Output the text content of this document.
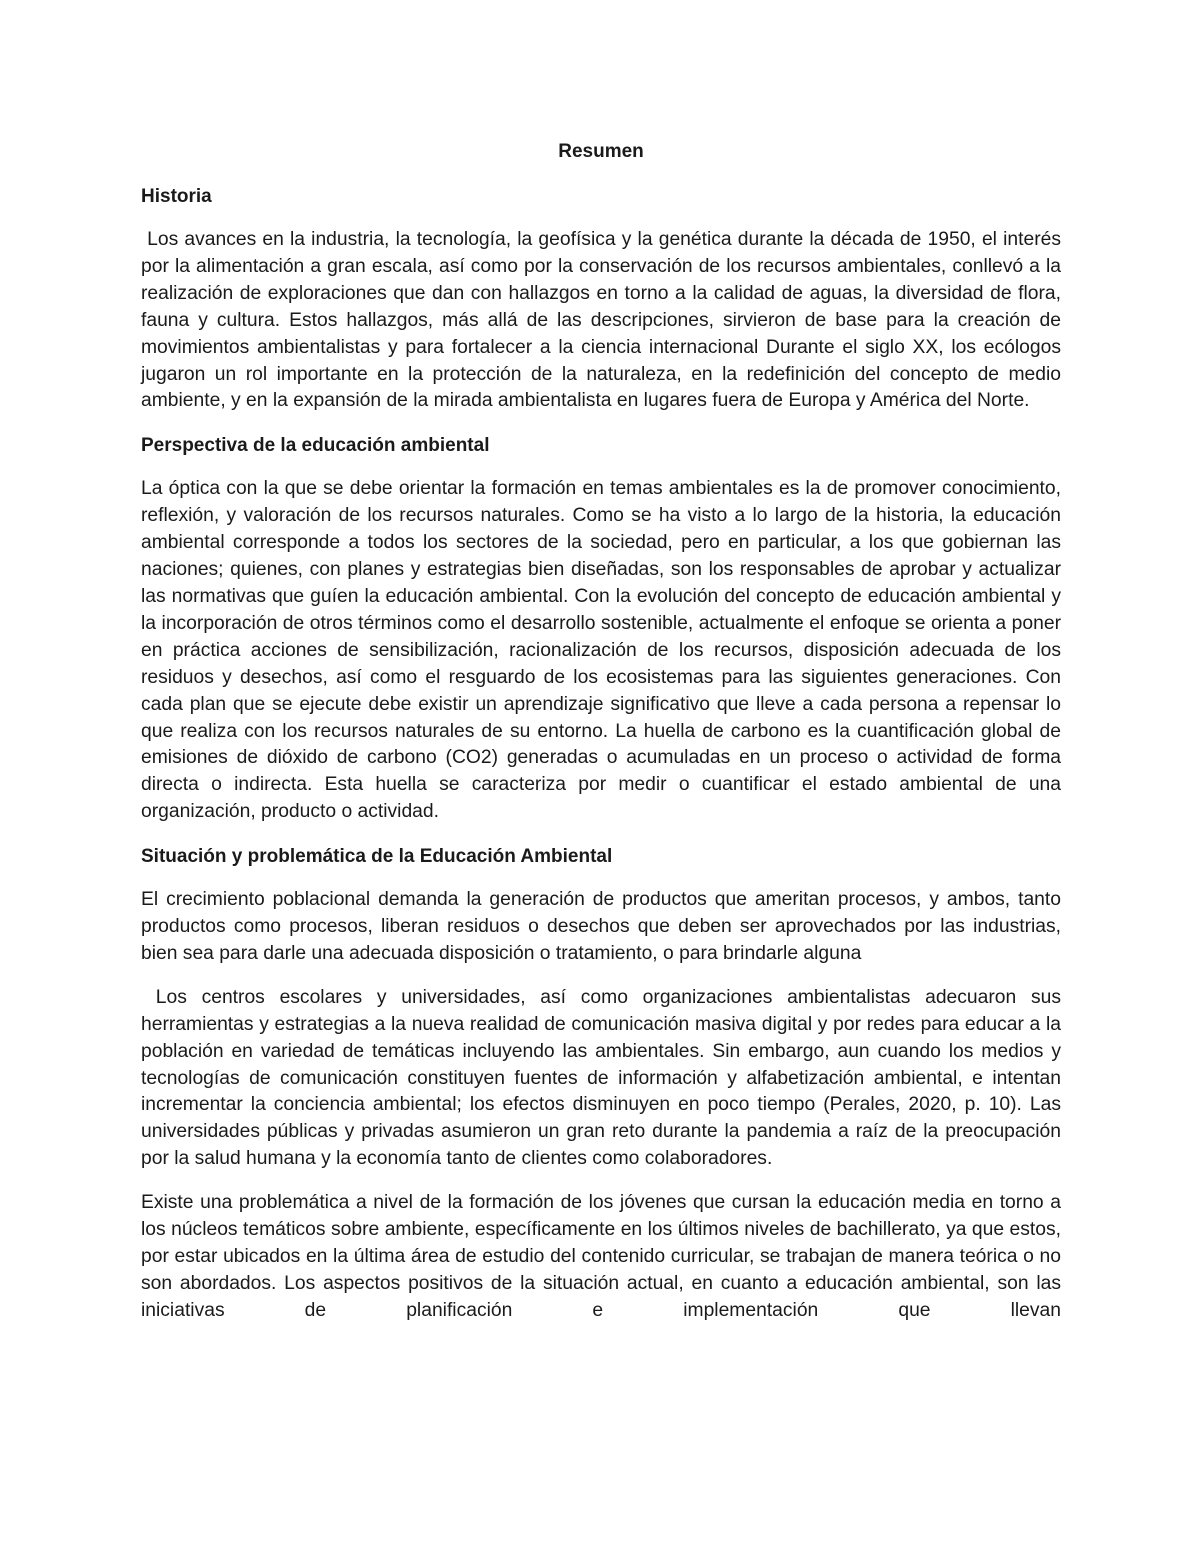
Resumen
Historia

Los avances en la industria, la tecnología, la geofísica y la genética durante la década de 1950, el interés por la alimentación a gran escala, así como por la conservación de los recursos ambientales, conllevó a la realización de exploraciones que dan con hallazgos en torno a la calidad de aguas, la diversidad de flora, fauna y cultura. Estos hallazgos, más allá de las descripciones, sirvieron de base para la creación de movimientos ambientalistas y para fortalecer a la ciencia internacional Durante el siglo XX, los ecólogos jugaron un rol importante en la protección de la naturaleza, en la redefinición del concepto de medio ambiente, y en la expansión de la mirada ambientalista en lugares fuera de Europa y América del Norte.

Perspectiva de la educación ambiental

La óptica con la que se debe orientar la formación en temas ambientales es la de promover conocimiento, reflexión, y valoración de los recursos naturales. Como se ha visto a lo largo de la historia, la educación ambiental corresponde a todos los sectores de la sociedad, pero en particular, a los que gobiernan las naciones; quienes, con planes y estrategias bien diseñadas, son los responsables de aprobar y actualizar las normativas que guíen la educación ambiental. Con la evolución del concepto de educación ambiental y la incorporación de otros términos como el desarrollo sostenible, actualmente el enfoque se orienta a poner en práctica acciones de sensibilización, racionalización de los recursos, disposición adecuada de los residuos y desechos, así como el resguardo de los ecosistemas para las siguientes generaciones. Con cada plan que se ejecute debe existir un aprendizaje significativo que lleve a cada persona a repensar lo que realiza con los recursos naturales de su entorno. La huella de carbono es la cuantificación global de emisiones de dióxido de carbono (CO2) generadas o acumuladas en un proceso o actividad de forma directa o indirecta. Esta huella se caracteriza por medir o cuantificar el estado ambiental de una organización, producto o actividad.

Situación y problemática de la Educación Ambiental

El crecimiento poblacional demanda la generación de productos que ameritan procesos, y ambos, tanto productos como procesos, liberan residuos o desechos que deben ser aprovechados por las industrias, bien sea para darle una adecuada disposición o tratamiento, o para brindarle alguna

Los centros escolares y universidades, así como organizaciones ambientalistas adecuaron sus herramientas y estrategias a la nueva realidad de comunicación masiva digital y por redes para educar a la población en variedad de temáticas incluyendo las ambientales. Sin embargo, aun cuando los medios y tecnologías de comunicación constituyen fuentes de información y alfabetización ambiental, e intentan incrementar la conciencia ambiental; los efectos disminuyen en poco tiempo (Perales, 2020, p. 10). Las universidades públicas y privadas asumieron un gran reto durante la pandemia a raíz de la preocupación por la salud humana y la economía tanto de clientes como colaboradores.

Existe una problemática a nivel de la formación de los jóvenes que cursan la educación media en torno a los núcleos temáticos sobre ambiente, específicamente en los últimos niveles de bachillerato, ya que estos, por estar ubicados en la última área de estudio del contenido curricular, se trabajan de manera teórica o no son abordados. Los aspectos positivos de la situación actual, en cuanto a educación ambiental, son las iniciativas de planificación e implementación que llevan
